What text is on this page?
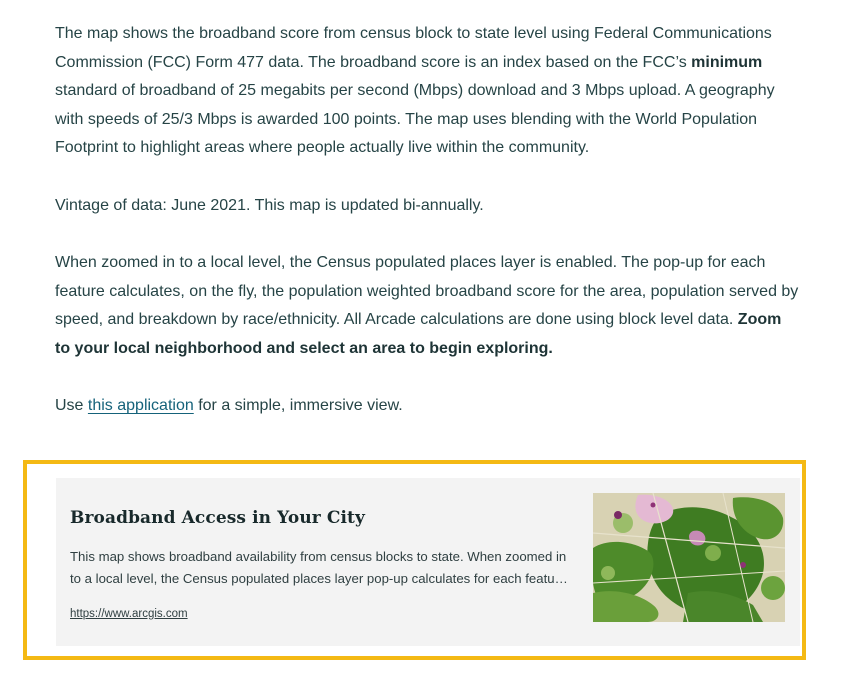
The map shows the broadband score from census block to state level using Federal Communications Commission (FCC) Form 477 data. The broadband score is an index based on the FCC’s minimum standard of broadband of 25 megabits per second (Mbps) download and 3 Mbps upload. A geography with speeds of 25/3 Mbps is awarded 100 points. The map uses blending with the World Population Footprint to highlight areas where people actually live within the community.

Vintage of data: June 2021. This map is updated bi-annually.

When zoomed in to a local level, the Census populated places layer is enabled. The pop-up for each feature calculates, on the fly, the population weighted broadband score for the area, population served by speed, and breakdown by race/ethnicity. All Arcade calculations are done using block level data. Zoom to your local neighborhood and select an area to begin exploring.

Use this application for a simple, immersive view.

Broadband Access in Your City
This map shows broadband availability from census blocks to state. When zoomed in
to a local level, the Census populated places layer pop-up calculates for each featu…
https://www.arcgis.com
